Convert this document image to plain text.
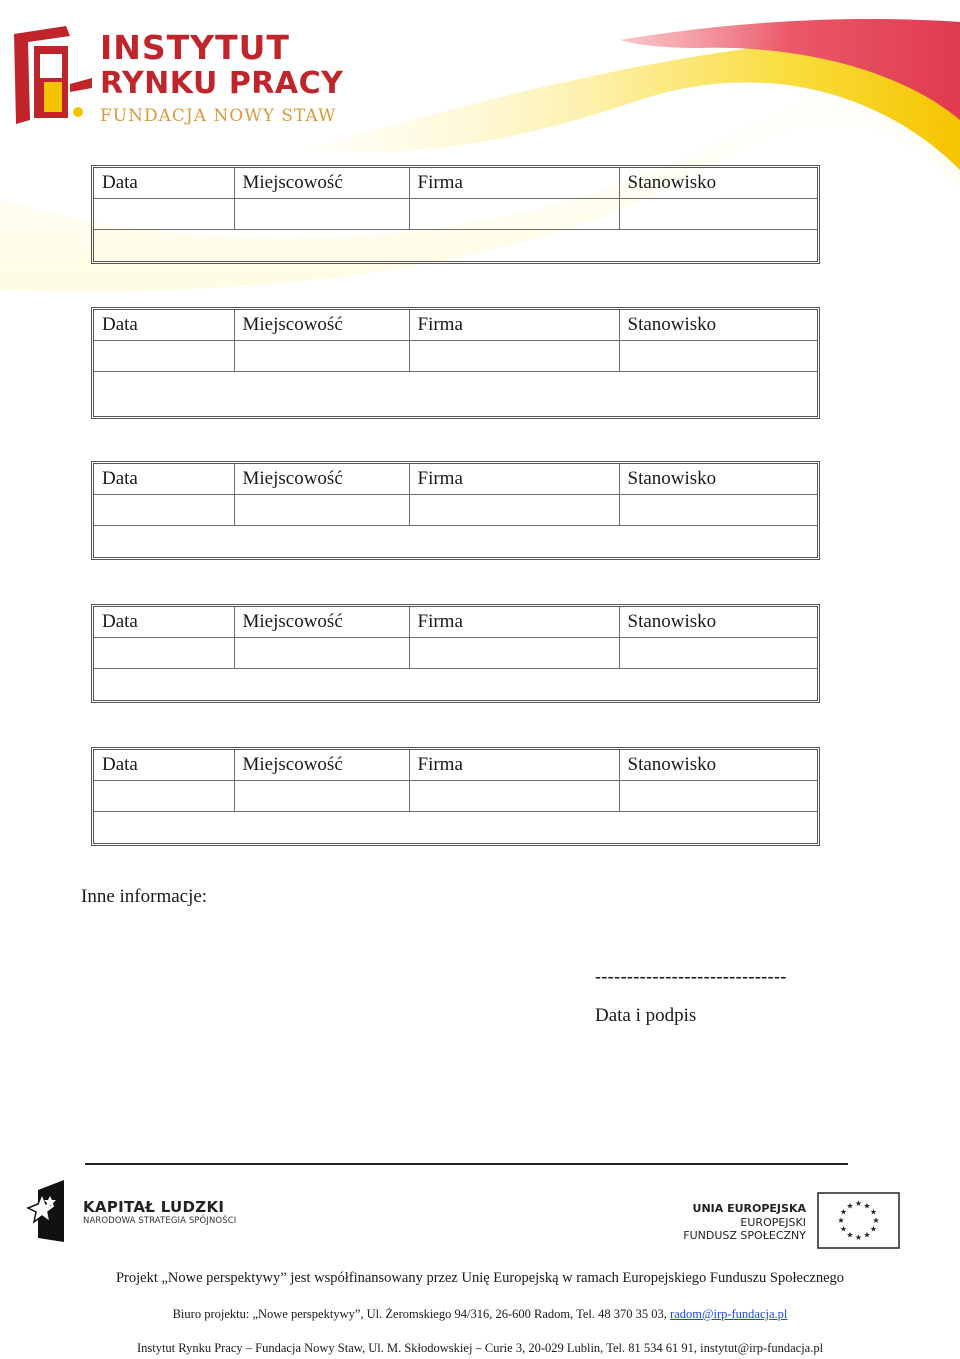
INSTYTUT
RYNKU PRACY
FUNDACJA NOWY STAW
Data	Miejscowość	Firma	Stanowisko

Data	Miejscowość	Firma	Stanowisko

Data	Miejscowość	Firma	Stanowisko

Data	Miejscowość	Firma	Stanowisko

Data	Miejscowość	Firma	Stanowisko

Inne informacje:
------------------------------
Data i podpis
KAPITAŁ LUDZKI
NARODOWA STRATEGIA SPÓJNOŚCI
UNIA EUROPEJSKA
EUROPEJSKI
FUNDUSZ SPOŁECZNY
★ ★
★
★
★
★
★
★
★
★
★
★
Projekt „Nowe perspektywy” jest współfinansowany przez Unię Europejską w ramach Europejskiego Funduszu Społecznego
Biuro projektu: „Nowe perspektywy”, Ul. Żeromskiego 94/316, 26-600 Radom, Tel. 48 370 35 03, radom@irp-fundacja.pl
Instytut Rynku Pracy – Fundacja Nowy Staw, Ul. M. Skłodowskiej – Curie 3, 20-029 Lublin, Tel. 81 534 61 91, instytut@irp-fundacja.pl
